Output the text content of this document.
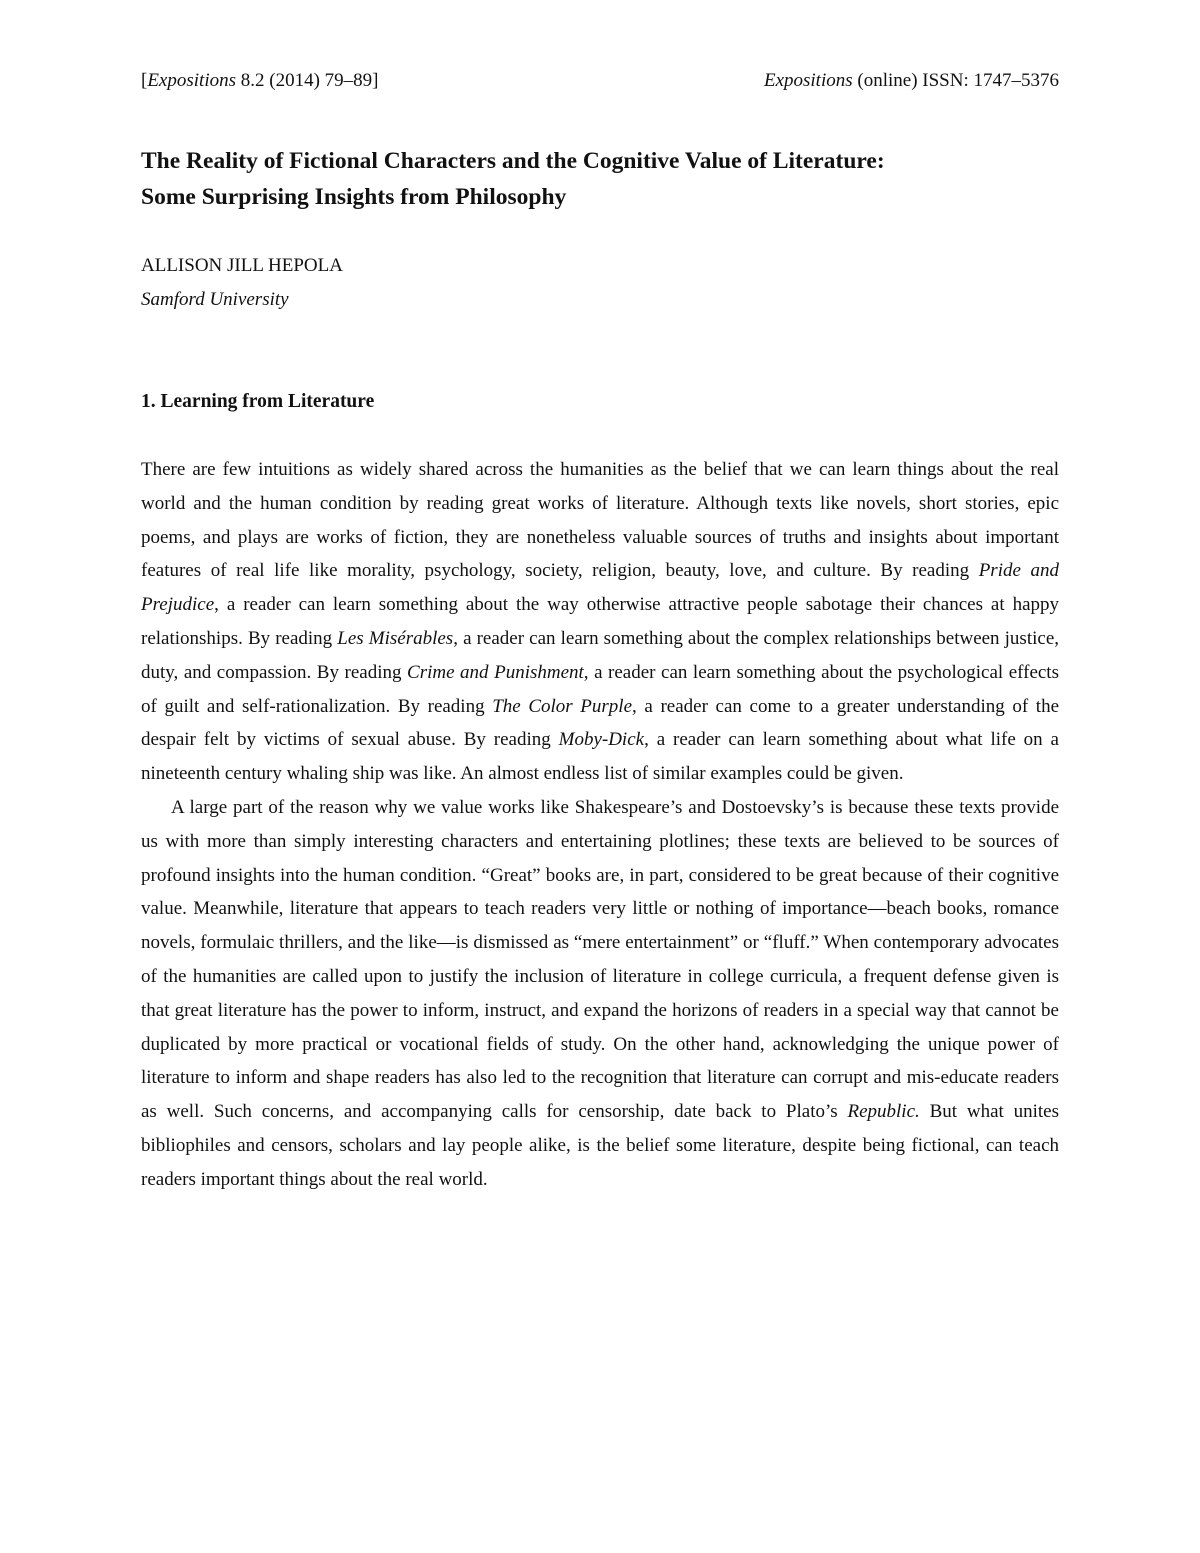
[Expositions 8.2 (2014) 79–89]	Expositions (online) ISSN: 1747–5376
The Reality of Fictional Characters and the Cognitive Value of Literature:
Some Surprising Insights from Philosophy
ALLISON JILL HEPOLA
Samford University
1. Learning from Literature

There are few intuitions as widely shared across the humanities as the belief that we can learn things about the real world and the human condition by reading great works of literature. Although texts like novels, short stories, epic poems, and plays are works of fiction, they are nonetheless valuable sources of truths and insights about important features of real life like morality, psychology, society, religion, beauty, love, and culture. By reading Pride and Prejudice, a reader can learn something about the way otherwise attractive people sabotage their chances at happy relationships. By reading Les Misérables, a reader can learn something about the complex relationships between justice, duty, and compassion. By reading Crime and Punishment, a reader can learn something about the psychological effects of guilt and self-rationalization. By reading The Color Purple, a reader can come to a greater understanding of the despair felt by victims of sexual abuse. By reading Moby-Dick, a reader can learn something about what life on a nineteenth century whaling ship was like. An almost endless list of similar examples could be given.

A large part of the reason why we value works like Shakespeare’s and Dostoevsky’s is because these texts provide us with more than simply interesting characters and entertaining plotlines; these texts are believed to be sources of profound insights into the human condition. “Great” books are, in part, considered to be great because of their cognitive value. Meanwhile, literature that appears to teach readers very little or nothing of importance—beach books, romance novels, formulaic thrillers, and the like—is dismissed as “mere entertainment” or “fluff.” When contemporary advocates of the humanities are called upon to justify the inclusion of literature in college curricula, a frequent defense given is that great literature has the power to inform, instruct, and expand the horizons of readers in a special way that cannot be duplicated by more practical or vocational fields of study. On the other hand, acknowledging the unique power of literature to inform and shape readers has also led to the recognition that literature can corrupt and mis-educate readers as well. Such concerns, and accompanying calls for censorship, date back to Plato’s Republic. But what unites bibliophiles and censors, scholars and lay people alike, is the belief some literature, despite being fictional, can teach readers important things about the real world.
